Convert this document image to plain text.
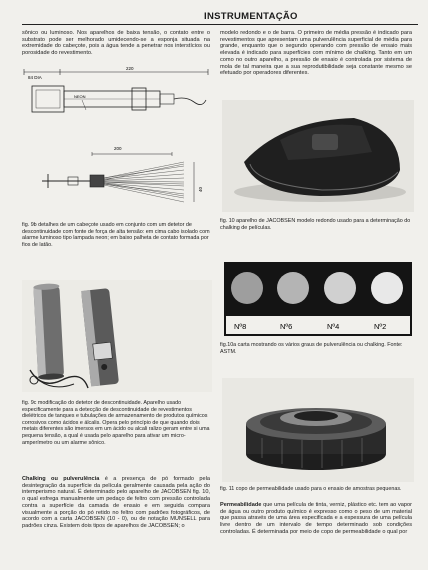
INSTRUMENTAÇÃO

sônico ou luminoso. Nos aparelhos de baixa tensão, o contato entre o substrato pode ser melhorado umidecendo-se a esponja situada na extremidade do cabeçote, pois a água tende a penetrar nos interstícios ou porosidade do revestimento.

84 DIA
220
NEON
200
40

fig. 9b detalhes de um cabeçote usado em conjunto com um detetor de descontinuidade com fonte de força de alta tensão: em cima cabo isolado com alarme luminoso tipo lampada neon; em baixo palheta de contato formada por fios de latão.

fig. 9c modificação do detetor de descontinuidade. Aparelho usado especificamente para a detecção de descontinuidade de revestimentos dielétricos de tanques e tubulações de armazenamento de produtos químicos corrosivos como ácidos e álcalis. Opera pelo princípio de que quando dois metais diferentes são imersos em um ácido ou alcali ralizo geram entre si uma pequena tensão, a qual é usada pelo aparelho para ativar um micro-amperímetro ou um alarme sônico.

Chalking ou pulverulência é a presença de pó formado pela desintegração da superfície da película geralmente causada pela ação do intemperismo natural. É determinado pelo aparelho de JACOBSEN fig. 10, o qual esfrega manualmente um pedaço de feltro com pressão controlada contra a superfície da camada de ensaio e em seguida compara visualmente a porção do pó retido no feltro com padrões fotográficos, de acordo com a carta JACOBSEN (10 - 0), ou de notação MUNSELL para padrões cinza. Existem dois tipos de aparelhos de JACOBSEN; o

modelo redondo e o de barra. O primeiro de média pressão é indicado para revestimentos que apresentam uma pulverulência superficial de média para grande, enquanto que o segundo operando com pressão de ensaio mais elevada é indicado para superfícies com mínimo de chalking. Tanto em um como no outro aparelho, a pressão de ensaio é controlada por sistema de mola de tal maneira que a sua reprodutibilidade seja constante mesmo se efetuado por operadores diferentes.

fig. 10 aparelho de JACOBSEN modelo redondo usado para a determinação do chalking de películas.

Nº8	Nº6	Nº4	Nº2

fig.10a carta mostrando os vários graus de pulverulência ou chalking. Fonte: ASTM.

fig. 11 copo de permeabilidade usado para o ensaio de amostras pequenas.

Permeabilidade que uma película de tinta, verniz, plástico etc. tem ao vapor de água ou outro produto químico é expresso como o peso de um material que passa através de uma área especificada e a espessura de uma película livre dentro de um intervalo de tempo determinado sob condições controladas. É determinada por meio de copo de permeabilidade o qual por
